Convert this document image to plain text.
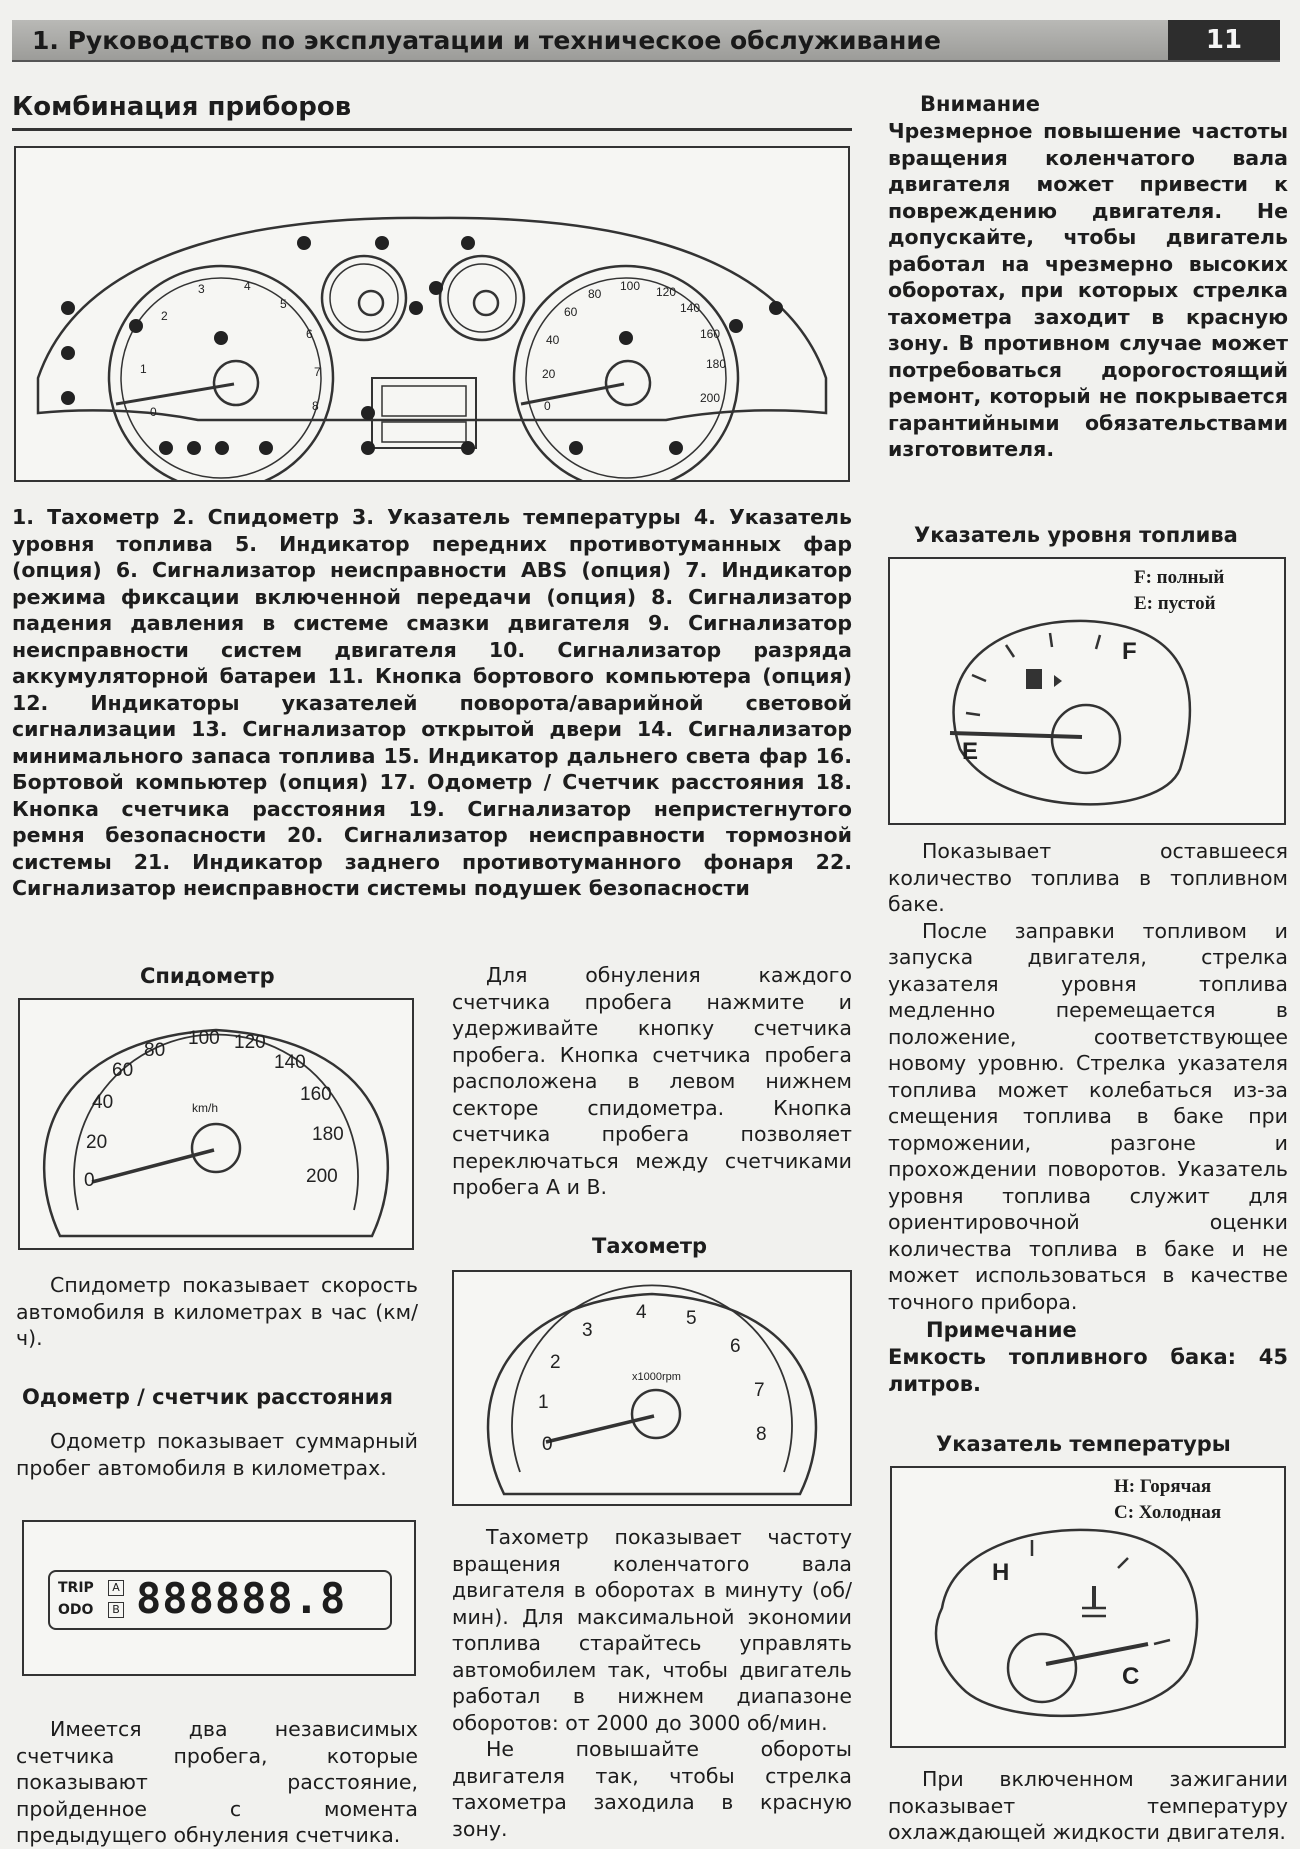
1. Руководство по эксплуатации и техническое обслуживание	11
Комбинация приборов
0
1
2
3	4
5
6
7
8	0
20
40
60
80
100 120
140
160
180
200
1. Тахометр 2. Спидометр 3. Указатель температуры 4. Указатель уровня топлива 5. Индикатор передних противотуманных фар (опция) 6. Сигнализатор неисправности ABS (опция) 7. Индикатор режима фиксации включенной передачи (опция) 8. Сигнализатор падения давления в системе смазки двигателя 9. Сигнализатор неисправности систем двигателя 10. Сигнализатор разряда аккумуляторной батареи 11. Кнопка бортового компьютера (опция) 12. Индикаторы указателей поворота/аварийной световой сигнализации 13. Сигнализатор открытой двери 14. Сигнализатор минимального запаса топлива 15. Индикатор дальнего света фар 16. Бортовой компьютер (опция) 17. Одометр / Счетчик расстояния 18. Кнопка счетчика расстояния 19. Сигнализатор непристегнутого ремня безопасности 20. Сигнализатор неисправности тормозной системы 21. Индикатор заднего противотуманного фонаря 22. Сигнализатор неисправности системы подушек безопасности
Спидометр
0
20
40
60
80
100 120
140
160
180
200
km/h

Спидометр показывает скорость автомобиля в километрах в час (км/ч).

Одометр / счетчик расстояния

Одометр показывает суммарный пробег автомобиля в километрах.

TRIP
ODO
A
B 888888.8

Имеется два независимых счетчика пробега, которые показывают расстояние, пройденное с момента предыдущего обнуления счетчика.

Для обнуления каждого счетчика пробега нажмите и удерживайте кнопку счетчика пробега. Кнопка счетчика пробега расположена в левом нижнем секторе спидометра. Кнопка счетчика пробега позволяет переключаться между счетчиками пробега A и B.

Тахометр
0
1
2
3
4 5
6
7
8
x1000rpm

Тахометр показывает частоту вращения коленчатого вала двигателя в оборотах в минуту (об/мин). Для максимальной экономии топлива старайтесь управлять автомобилем так, чтобы двигатель работал в нижнем диапазоне оборотов: от 2000 до 3000 об/мин.

Не повышайте обороты двигателя так, чтобы стрелка тахометра заходила в красную зону.

Внимание
Чрезмерное повышение частоты вращения коленчатого вала двигателя может привести к повреждению двигателя. Не допускайте, чтобы двигатель работал на чрезмерно высоких оборотах, при которых стрелка тахометра заходит в красную зону. В противном случае может потребоваться дорогостоящий ремонт, который не покрывается гарантийными обязательствами изготовителя.
Указатель уровня топлива
F: полный
E: пустой
F
E

Показывает оставшееся количество топлива в топливном баке.

После заправки топливом и запуска двигателя, стрелка указателя уровня топлива медленно перемещается в положение, соответствующее новому уровню. Стрелка указателя топлива может колебаться из-за смещения топлива в баке при торможении, разгоне и прохождении поворотов. Указатель уровня топлива служит для ориентировочной оценки количества топлива в баке и не может использоваться в качестве точного прибора.

Примечание
Емкость топливного бака: 45 литров.
Указатель температуры
H: Горячая
C: Холодная
H
C

При включенном зажигании показывает температуру охлаждающей жидкости двигателя.
